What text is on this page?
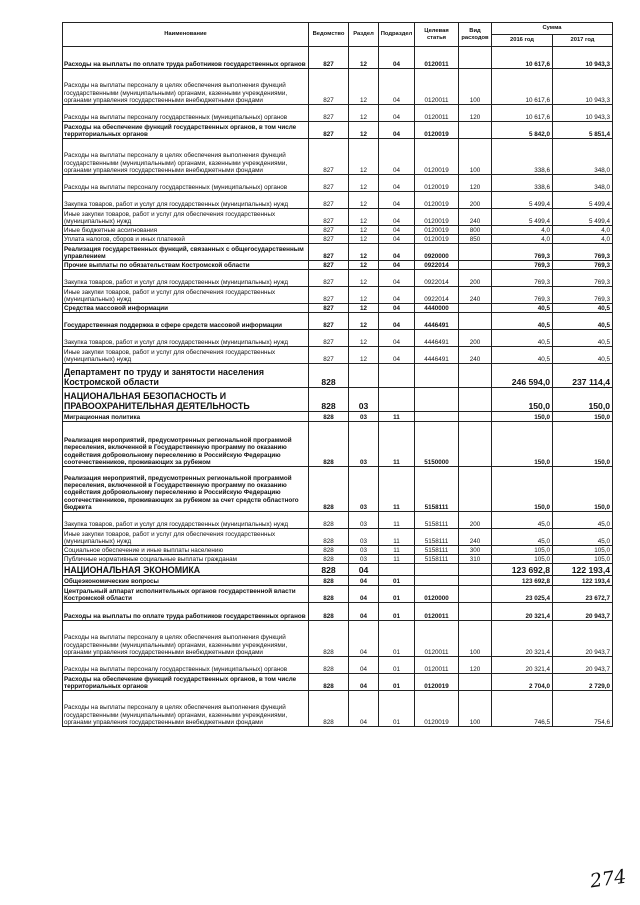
Наименование	Ведомство	Раздел	Подраздел	Целевая статья	Вид расходов	Сумма	
						2016 год	2017 год
Расходы на выплаты по оплате труда работников государственных органов	827	12	04	0120011		10 617,6	10 943,3
Расходы на выплаты персоналу в целях обеспечения выполнения функций государственными (муниципальными) органами, казенными учреждениями, органами управления государственными внебюджетными фондами	827	12	04	0120011	100	10 617,6	10 943,3
Расходы на выплаты персоналу государственных (муниципальных) органов	827	12	04	0120011	120	10 617,6	10 943,3
Расходы на обеспечение функций государственных органов, в том числе территориальных органов	827	12	04	0120019		5 842,0	5 851,4
Расходы на выплаты персоналу в целях обеспечения выполнения функций государственными (муниципальными) органами, казенными учреждениями, органами управления государственными внебюджетными фондами	827	12	04	0120019	100	338,6	348,0
Расходы на выплаты персоналу государственных (муниципальных) органов	827	12	04	0120019	120	338,6	348,0
Закупка товаров, работ и услуг для государственных (муниципальных) нужд	827	12	04	0120019	200	5 499,4	5 499,4
Иные закупки товаров, работ и услуг для обеспечения государственных (муниципальных) нужд	827	12	04	0120019	240	5 499,4	5 499,4
Иные бюджетные ассигнования	827	12	04	0120019	800	4,0	4,0
Уплата налогов, сборов и иных платежей	827	12	04	0120019	850	4,0	4,0
Реализация государственных функций, связанных с общегосударственным управлением	827	12	04	0920000		769,3	769,3
Прочие выплаты по обязательствам Костромской области	827	12	04	0922014		769,3	769,3
Закупка товаров, работ и услуг для государственных (муниципальных) нужд	827	12	04	0922014	200	769,3	769,3
Иные закупки товаров, работ и услуг для обеспечения государственных (муниципальных) нужд	827	12	04	0922014	240	769,3	769,3
Средства массовой информации	827	12	04	4440000		40,5	40,5
Государственная поддержка в сфере средств массовой информации	827	12	04	4446491		40,5	40,5
Закупка товаров, работ и услуг для государственных (муниципальных) нужд	827	12	04	4446491	200	40,5	40,5
Иные закупки товаров, работ и услуг для обеспечения государственных (муниципальных) нужд	827	12	04	4446491	240	40,5	40,5
Департамент по труду и занятости населения Костромской области	828					246 594,0	237 114,4
НАЦИОНАЛЬНАЯ БЕЗОПАСНОСТЬ И ПРАВООХРАНИТЕЛЬНАЯ ДЕЯТЕЛЬНОСТЬ	828	03				150,0	150,0
Миграционная политика	828	03	11			150,0	150,0
Реализация мероприятий, предусмотренных региональной программой переселения, включенной в Государственную программу по оказанию содействия добровольному переселению в Российскую Федерацию соотечественников, проживающих за рубежом	828	03	11	5150000		150,0	150,0
Реализация мероприятий, предусмотренных региональной программой переселения, включенной в Государственную программу по оказанию содействия добровольному переселению в Российскую Федерацию соотечественников, проживающих за рубежом за счет средств областного бюджета	828	03	11	5158111		150,0	150,0
Закупка товаров, работ и услуг для государственных (муниципальных) нужд	828	03	11	5158111	200	45,0	45,0
Иные закупки товаров, работ и услуг для обеспечения государственных (муниципальных) нужд	828	03	11	5158111	240	45,0	45,0
Социальное обеспечение и иные выплаты населению	828	03	11	5158111	300	105,0	105,0
Публичные нормативные социальные выплаты гражданам	828	03	11	5158111	310	105,0	105,0
НАЦИОНАЛЬНАЯ ЭКОНОМИКА	828	04				123 692,8	122 193,4
Общеэкономические вопросы	828	04	01			123 692,8	122 193,4
Центральный аппарат исполнительных органов государственной власти Костромской области	828	04	01	0120000		23 025,4	23 672,7
Расходы на выплаты по оплате труда работников государственных органов	828	04	01	0120011		20 321,4	20 943,7
Расходы на выплаты персоналу в целях обеспечения выполнения функций государственными (муниципальными) органами, казенными учреждениями, органами управления государственными внебюджетными фондами	828	04	01	0120011	100	20 321,4	20 943,7
Расходы на выплаты персоналу государственных (муниципальных) органов	828	04	01	0120011	120	20 321,4	20 943,7
Расходы на обеспечение функций государственных органов, в том числе территориальных органов	828	04	01	0120019		2 704,0	2 729,0
Расходы на выплаты персоналу в целях обеспечения выполнения функций государственными (муниципальными) органами, казенными учреждениями, органами управления государственными внебюджетными фондами	828	04	01	0120019	100	746,5	754,6
274
